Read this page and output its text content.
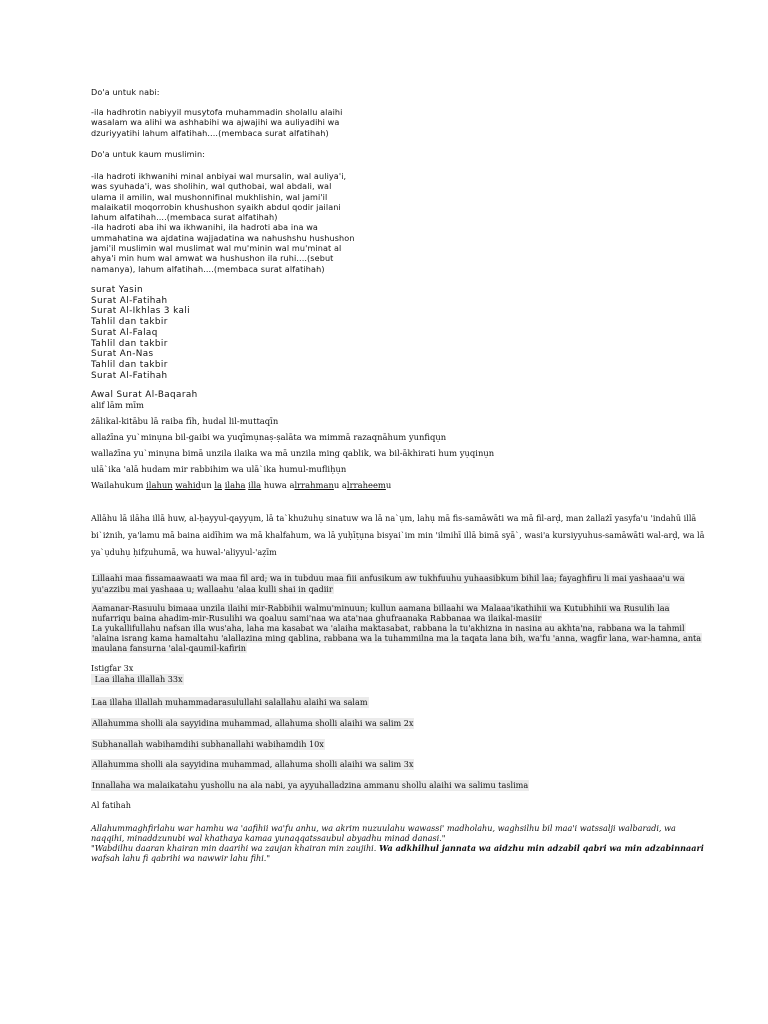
Do'a untuk nabi:
-ila hadhrotin nabiyyil musytofa muhammadin sholallu alaihi
wasalam wa alihi wa ashhabihi wa ajwajihi wa auliyadihi wa
dzuriyyatihi lahum alfatihah....(membaca surat alfatihah)
Do'a untuk kaum muslimin:
-ila hadroti ikhwanihi minal anbiyai wal mursalin, wal auliya'i,
was syuhada'i, was sholihin, wal quthobai, wal abdali, wal
ulama il amilin, wal mushonnifinal mukhlishin, wal jami'il
malaikatil moqorrobin khushushon syaikh abdul qodir jailani
lahum alfatihah....(membaca surat alfatihah)
-ila hadroti aba ihi wa ikhwanihi, ila hadroti aba ina wa
ummahatina wa ajdatina wajjadatina wa nahushshu hushushon
jami'il muslimin wal muslimat wal mu'minin wal mu'minat al
ahya'i min hum wal amwat wa hushushon ila ruhi....(sebut
namanya), lahum alfatihah....(membaca surat alfatihah)
surat Yasin
Surat Al-Fatihah
Surat Al-Ikhlas 3 kali
Tahlil dan takbir
Surat Al-Falaq
Tahlil dan takbir
Surat An-Nas
Tahlil dan takbir
Surat Al-Fatihah
Awal Surat Al-Baqarah
alif lām mīm
żālikal-kitābu lā raiba fīh, hudal lil-muttaqīn
allażīna yu`minụna bil-gaibi wa yuqīmụnaṣ-ṣalāta wa mimmā razaqnāhum yunfiqụn
wallażīna yu`minụna bimā unzila ilaika wa mā unzila ming qablik, wa bil-ākhirati hum yụqinụn
ulā`ika 'alā hudam mir rabbihim wa ulā`ika humul-mufliḥụn
Wailahukum ilahun wahidun la ilaha illa huwa alrrahmanu alrraheemu
Allāhu lā ilāha illā huw, al-ḥayyul-qayyụm, lā ta`khużuhụ sinatuw wa lā na`ụm, lahụ mā fis-samāwāti wa mā fil-arḍ, man żallażī yasyfa'u 'indahū illā
bi`iżnih, ya'lamu mā baina aidīhim wa mā khalfahum, wa lā yuḥīṭụna bisyai`im min 'ilmihī illā bimā syā`, wasi'a kursiyyuhus-samāwāti wal-arḍ, wa lā
ya`ụduhụ ḥifẓuhumā, wa huwal-'aliyyul-'aẓīm
Lillaahi maa fissamaawaati wa maa fil ard; wa in tubduu maa fiii anfusikum aw tukhfuuhu yuhaasibkum bihil laa; fayaghfiru li mai yashaaa'u wa
yu'azzibu mai yashaaa u; wallaahu 'alaa kulli shai in qadiir
Aamanar-Rasuulu bimaaa unzila ilaihi mir-Rabbihii walmu'minuun; kullun aamana billaahi wa Malaaa'ikathihii wa Kutubhihii wa Rusulih laa
nufarriqu baina ahadim-mir-Rusulihi wa qoaluu sami'naa wa ata'naa ghufraanaka Rabbanaa wa ilaikal-masiir
La yukallifullahu nafsan illa wus'aha, laha ma kasabat wa 'alaiha maktasabat, rabbana la tu'akhizna in nasina au akhta'na, rabbana wa la tahmil
'alaina israng kama hamaltahu 'alallazina ming qablina, rabbana wa la tuhammilna ma la taqata lana bih, wa'fu 'anna, wagfir lana, war-hamna, anta
maulana fansurna 'alal-qaumil-kafirin
Istigfar 3x
Laa illaha illallah 33x
Laa illaha illallah muhammadarasulullahi salallahu alaihi wa salam
Allahumma sholli ala sayyidina muhammad, allahuma sholli alaihi wa salim 2x
Subhanallah wabihamdihi subhanallahi wabihamdih 10x
Allahumma sholli ala sayyidina muhammad, allahuma sholli alaihi wa salim 3x
Innallaha wa malaikatahu yushollu na ala nabi, ya ayyuhalladzina ammanu shollu alaihi wa salimu taslima
Al fatihah
Allahummaghfirlahu war hamhu wa 'aafihii wa'fu anhu, wa akrim nuzuulahu wawassi' madholahu, waghsilhu bil maa'i watssalji walbaradi, wa
naqqihi, minaddzunubi wal khathaya kamaa yunaqqatssaubul abyadhu minad danasi."
"Wabdilhu daaran khairan min daarihi wa zaujan khairan min zaujihi. Wa adkhilhul jannata wa aidzhu min adzabil qabri wa min adzabinnaari
wafsah lahu fi qabrihi wa nawwir lahu fihi."
